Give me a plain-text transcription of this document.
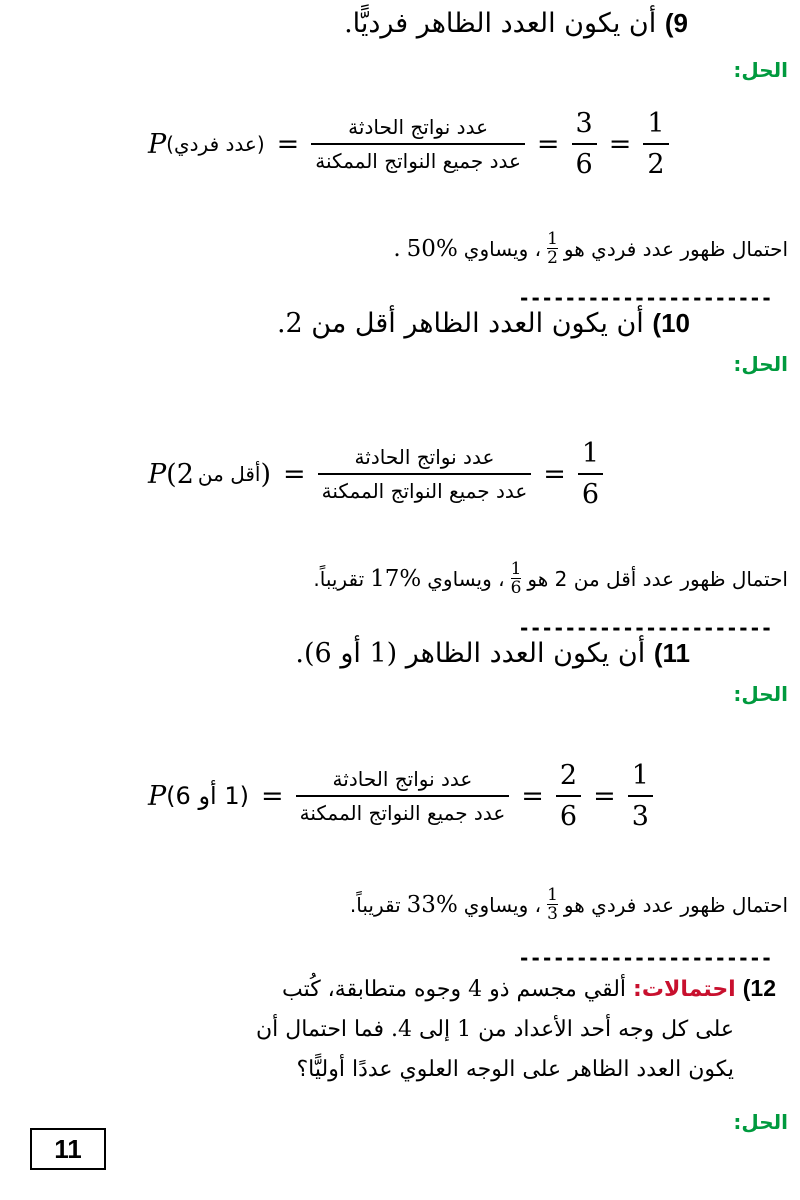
9) أن يكون العدد الظاهر فرديًّا.
الحل:
P (عدد فردي) = $\frac{\text{عدد نواتج الحادثة}}{\text{عدد جميع النواتج الممكنة}} = \frac{3}{6} = \frac{1}{2}$
احتمال ظهور عدد فردي هو
1
2
، ويساوي
50%
.
----------------------
10) أن يكون العدد الظاهر أقل من 2.
الحل:
P ( 2 أقل من ) = $\frac{\text{عدد نواتج الحادثة}}{\text{عدد جميع النواتج الممكنة}} = \frac{1}{6}$
احتمال ظهور عدد أقل من 2 هو
1
6
، ويساوي
17%
تقريباً.
----------------------
11) أن يكون العدد الظاهر (1 أو 6).
الحل:
P (1 أو $6) = \frac{\text{عدد نواتج الحادثة}}{\text{عدد جميع النواتج الممكنة}} = \frac{2}{6} = \frac{1}{3}$
احتمال ظهور عدد فردي هو
1
3
، ويساوي
33%
تقريباً.
----------------------
12) احتمالات: ألقي مجسم ذو 4 وجوه متطابقة، كُتب
على كل وجه أحد الأعداد من 1 إلى 4. فما احتمال أن
يكون العدد الظاهر على الوجه العلوي عددًا أوليًّا؟
الحل:
11
